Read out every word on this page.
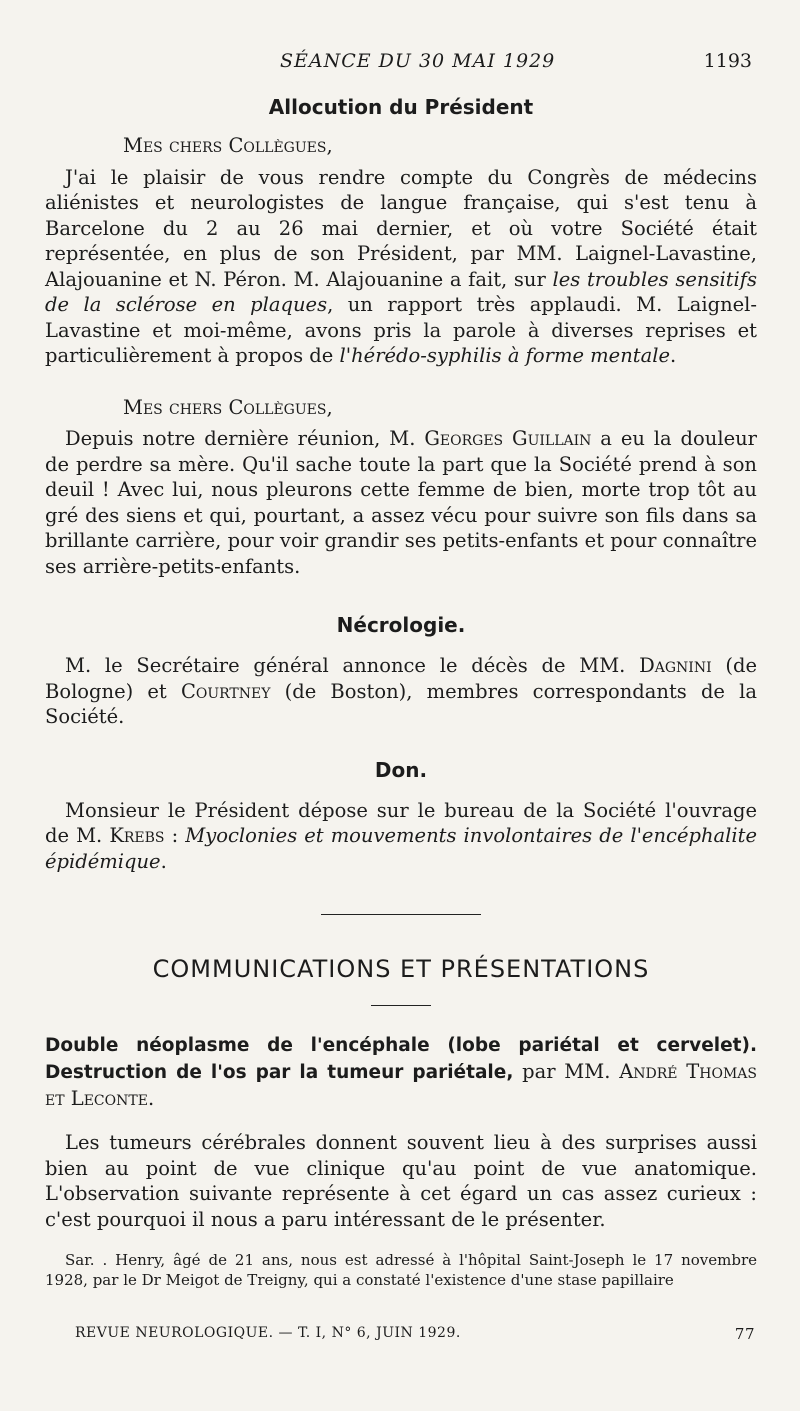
SÉANCE DU 30 MAI 1929	1193
Allocution du Président
Mes chers Collègues,

J'ai le plaisir de vous rendre compte du Congrès de médecins aliénistes et neurologistes de langue française, qui s'est tenu à Barcelone du 2 au 26 mai dernier, et où votre Société était représentée, en plus de son Président, par MM. Laignel-Lavastine, Alajouanine et N. Péron. M. Alajouanine a fait, sur les troubles sensitifs de la sclérose en plaques, un rapport très applaudi. M. Laignel-Lavastine et moi-même, avons pris la parole à diverses reprises et particulièrement à propos de l'hérédo-syphilis à forme mentale.

Mes chers Collègues,

Depuis notre dernière réunion, M. Georges Guillain a eu la douleur de perdre sa mère. Qu'il sache toute la part que la Société prend à son deuil ! Avec lui, nous pleurons cette femme de bien, morte trop tôt au gré des siens et qui, pourtant, a assez vécu pour suivre son fils dans sa brillante carrière, pour voir grandir ses petits-enfants et pour connaître ses arrière-petits-enfants.

Nécrologie.

M. le Secrétaire général annonce le décès de MM. Dagnini (de Bologne) et Courtney (de Boston), membres correspondants de la Société.

Don.

Monsieur le Président dépose sur le bureau de la Société l'ouvrage de M. Krebs : Myoclonies et mouvements involontaires de l'encéphalite épidémique.

COMMUNICATIONS ET PRÉSENTATIONS

Double néoplasme de l'encéphale (lobe pariétal et cervelet). Destruction de l'os par la tumeur pariétale, par MM. André Thomas et Leconte.

Les tumeurs cérébrales donnent souvent lieu à des surprises aussi bien au point de vue clinique qu'au point de vue anatomique. L'observation suivante représente à cet égard un cas assez curieux : c'est pourquoi il nous a paru intéressant de le présenter.

Sar. . Henry, âgé de 21 ans, nous est adressé à l'hôpital Saint-Joseph le 17 novembre 1928, par le Dr Meigot de Treigny, qui a constaté l'existence d'une stase papillaire

REVUE NEUROLOGIQUE. — T. I, N° 6, JUIN 1929.	77
